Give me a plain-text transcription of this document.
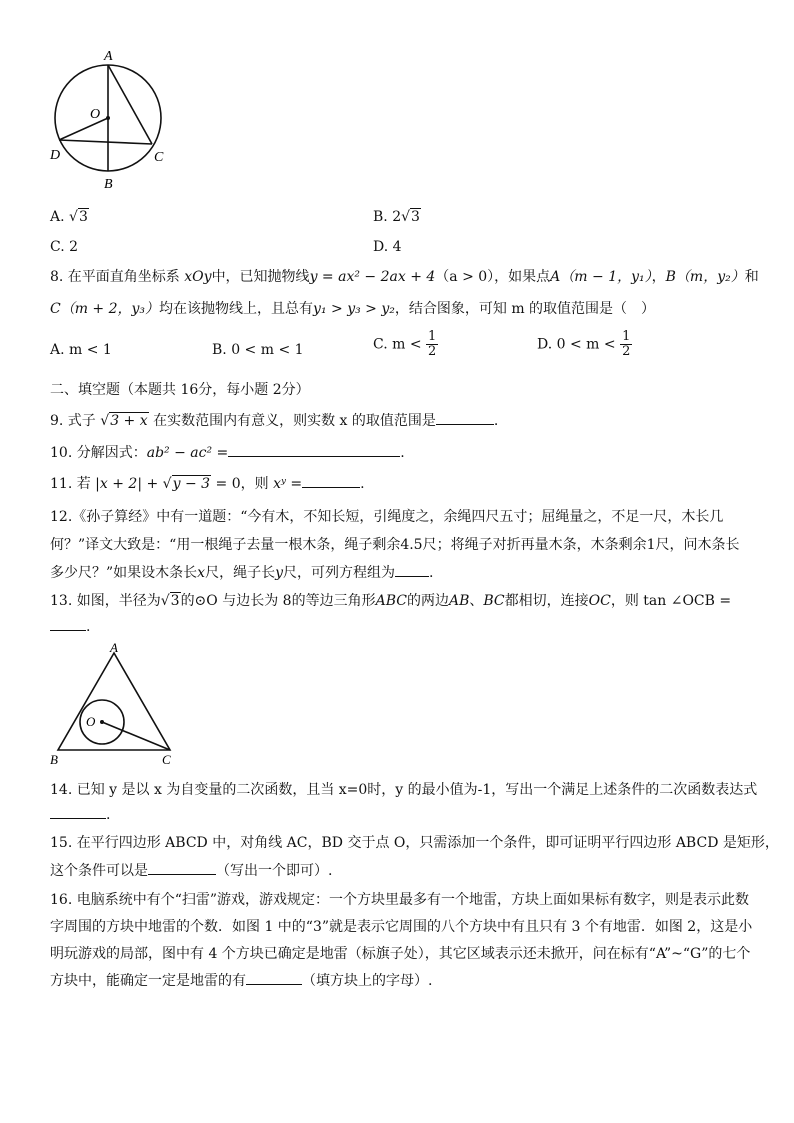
A
O
D	C
B
A. √3	B. 2√3
C. 2	D. 4
8. 在平面直角坐标系 xOy中，已知抛物线y = ax² − 2ax + 4（a > 0），如果点A（m − 1，y₁），B（m，y₂）和
C（m + 2，y₃）均在该抛物线上，且总有y₁ > y₃ > y₂，结合图象，可知 m 的取值范围是（　）
A. m < 1	B. 0 < m < 1	C. $m < \frac{1}{2}$	D. $0 < m < \frac{1}{2}$
二、填空题（本题共 16分，每小题 2分）
9. 式子 √3 + x 在实数范围内有意义，则实数 x 的取值范围是	.
10. 分解因式：ab² − ac² =	.
11. 若 |x + 2| + √y − 3 = 0，则 xʸ =	.
12.《孙子算经》中有一道题：“今有木，不知长短，引绳度之，余绳四尺五寸；屈绳量之，不足一尺，木长几
何？”译文大致是：“用一根绳子去量一根木条，绳子剩余4.5尺；将绳子对折再量木条，木条剩余1尺，问木条长
多少尺？”如果设木条长x尺，绳子长y尺，可列方程组为 .
13. 如图，半径为√3的⊙O 与边长为 8的等边三角形ABC的两边AB、BC都相切，连接OC，则 tan ∠OCB =
.
A
O
B	C
14. 已知 y 是以 x 为自变量的二次函数，且当 x=0时，y 的最小值为-1，写出一个满足上述条件的二次函数表达式
.
15. 在平行四边形 ABCD 中，对角线 AC，BD 交于点 O，只需添加一个条件，即可证明平行四边形 ABCD 是矩形，
这个条件可以是	（写出一个即可）.
16. 电脑系统中有个“扫雷”游戏，游戏规定：一个方块里最多有一个地雷，方块上面如果标有数字，则是表示此数
字周围的方块中地雷的个数．如图 1 中的“3”就是表示它周围的八个方块中有且只有 3 个有地雷．如图 2，这是小
明玩游戏的局部，图中有 4 个方块已确定是地雷（标旗子处），其它区域表示还未掀开，问在标有“A”~“G”的七个
方块中，能确定一定是地雷的有	（填方块上的字母）.
